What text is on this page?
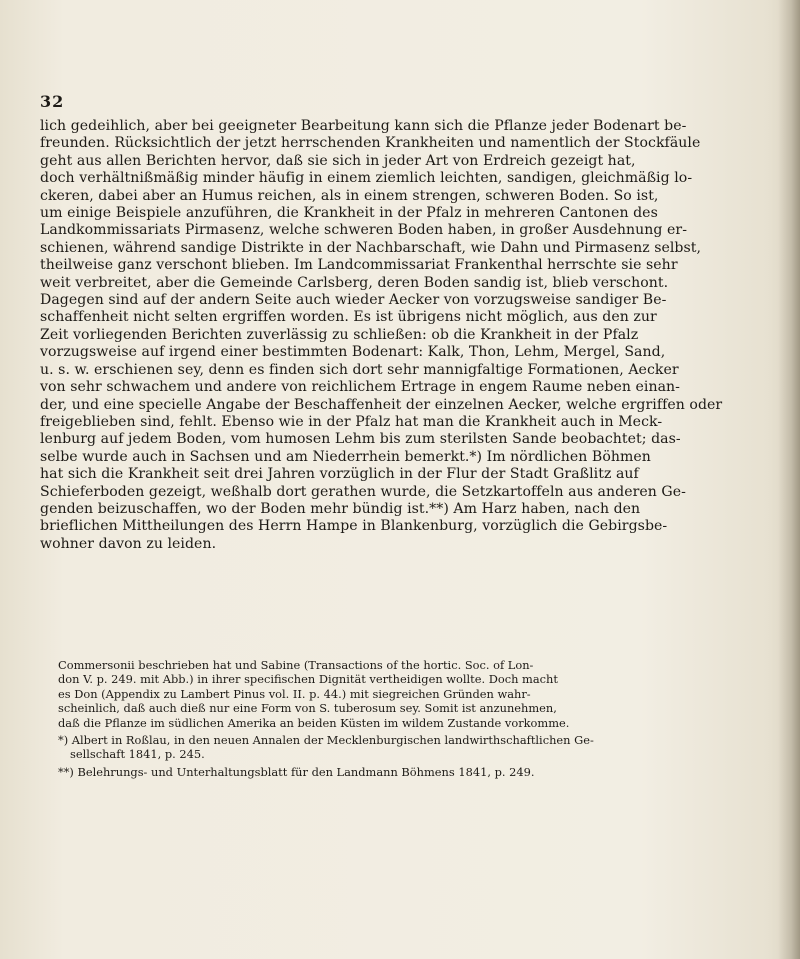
32
lich gedeihlich, aber bei geeigneter Bearbeitung kann sich die Pflanze jeder Bodenart be-
freunden. Rücksichtlich der jetzt herrschenden Krankheiten und namentlich der Stockfäule
geht aus allen Berichten hervor, daß sie sich in jeder Art von Erdreich gezeigt hat,
doch verhältnißmäßig minder häufig in einem ziemlich leichten, sandigen, gleichmäßig lo-
ckeren, dabei aber an Humus reichen, als in einem strengen, schweren Boden. So ist,
um einige Beispiele anzuführen, die Krankheit in der Pfalz in mehreren Cantonen des
Landkommissariats Pirmasenz, welche schweren Boden haben, in großer Ausdehnung er-
schienen, während sandige Distrikte in der Nachbarschaft, wie Dahn und Pirmasenz selbst,
theilweise ganz verschont blieben. Im Landcommissariat Frankenthal herrschte sie sehr
weit verbreitet, aber die Gemeinde Carlsberg, deren Boden sandig ist, blieb verschont.
Dagegen sind auf der andern Seite auch wieder Aecker von vorzugsweise sandiger Be-
schaffenheit nicht selten ergriffen worden. Es ist übrigens nicht möglich, aus den zur
Zeit vorliegenden Berichten zuverlässig zu schließen: ob die Krankheit in der Pfalz
vorzugsweise auf irgend einer bestimmten Bodenart: Kalk, Thon, Lehm, Mergel, Sand,
u. s. w. erschienen sey, denn es finden sich dort sehr mannigfaltige Formationen, Aecker
von sehr schwachem und andere von reichlichem Ertrage in engem Raume neben einan-
der, und eine specielle Angabe der Beschaffenheit der einzelnen Aecker, welche ergriffen oder
freigeblieben sind, fehlt. Ebenso wie in der Pfalz hat man die Krankheit auch in Meck-
lenburg auf jedem Boden, vom humosen Lehm bis zum sterilsten Sande beobachtet; das-
selbe wurde auch in Sachsen und am Niederrhein bemerkt.*) Im nördlichen Böhmen
hat sich die Krankheit seit drei Jahren vorzüglich in der Flur der Stadt Graßlitz auf
Schieferboden gezeigt, weßhalb dort gerathen wurde, die Setzkartoffeln aus anderen Ge-
genden beizuschaffen, wo der Boden mehr bündig ist.**) Am Harz haben, nach den
brieflichen Mittheilungen des Herrn Hampe in Blankenburg, vorzüglich die Gebirgsbe-
wohner davon zu leiden.
Commersonii beschrieben hat und Sabine (Transactions of the hortic. Soc. of Lon-
don V. p. 249. mit Abb.) in ihrer specifischen Dignität vertheidigen wollte. Doch macht
es Don (Appendix zu Lambert Pinus vol. II. p. 44.) mit siegreichen Gründen wahr-
scheinlich, daß auch dieß nur eine Form von S. tuberosum sey. Somit ist anzunehmen,
daß die Pflanze im südlichen Amerika an beiden Küsten im wildem Zustande vorkomme.
*) Albert in Roßlau, in den neuen Annalen der Mecklenburgischen landwirthschaftlichen Ge-
sellschaft 1841, p. 245.
**) Belehrungs- und Unterhaltungsblatt für den Landmann Böhmens 1841, p. 249.
